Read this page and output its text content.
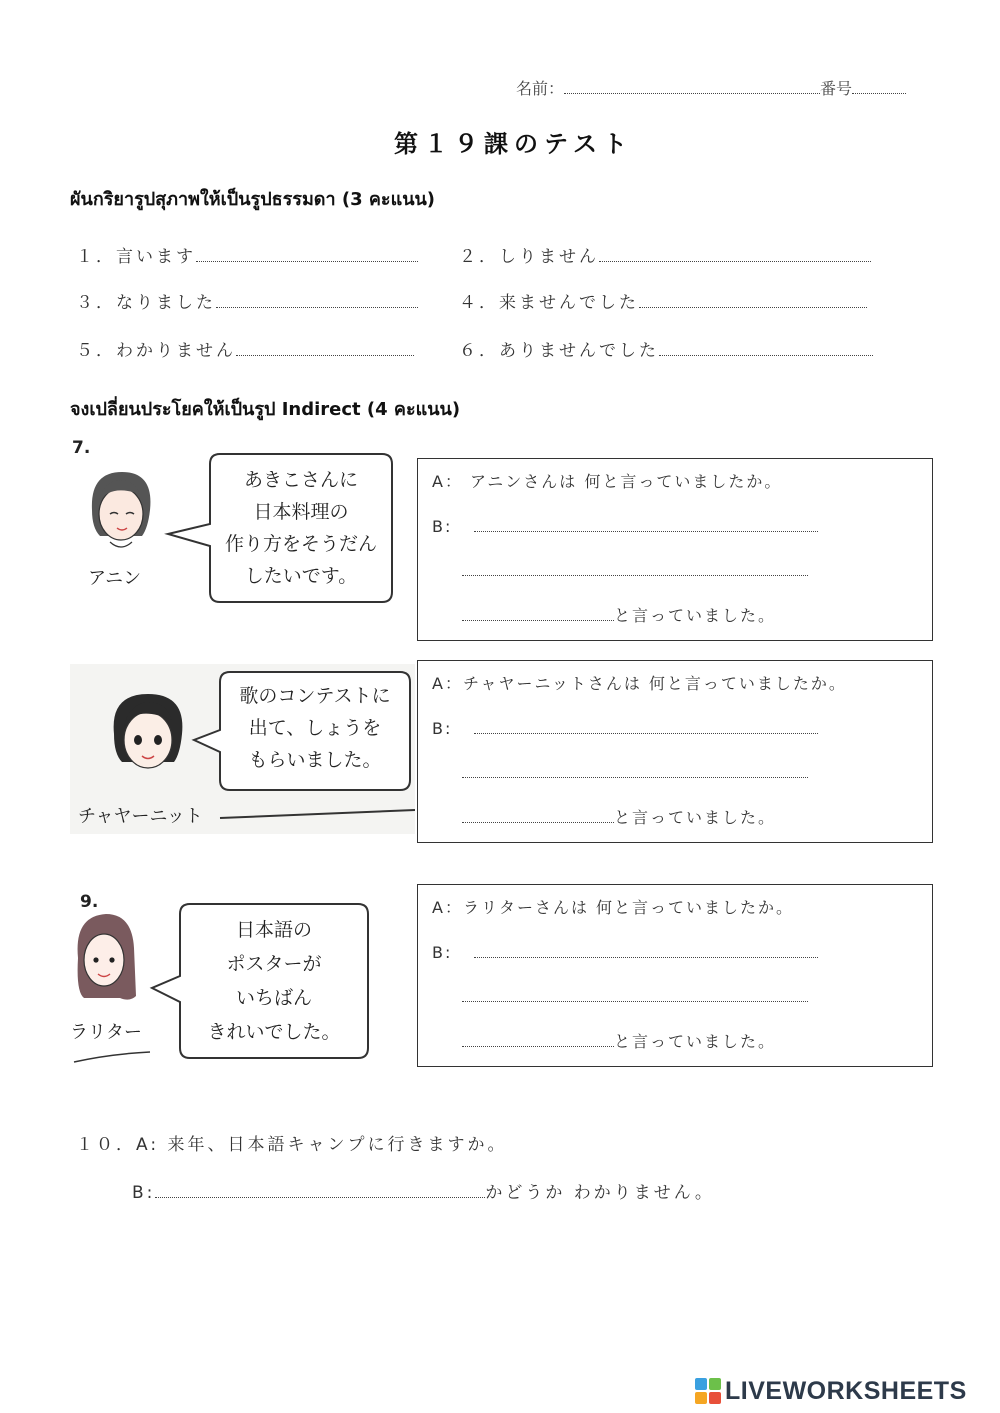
名前：	番号
第１９課のテスト
ผันกริยารูปสุภาพให้เป็นรูปธรรมดา (3 คะแนน)
１．言います	２．しりません
３．なりました	４．来ませんでした
５．わかりません	６．ありませんでした
จงเปลี่ยนประโยคให้เป็นรูป Indirect (4 คะแนน)
7.
アニン
あきこさんに
日本料理の
作り方をそうだん
したいです。
A： アニンさんは 何と言っていましたか。
B:
と言っていました。
チャヤーニット
歌のコンテストに
出て、しょうを
もらいました。
A：チャヤーニットさんは 何と言っていましたか。
B:
と言っていました。
9.
ラリター
日本語の
ポスターが
いちばん
きれいでした。
A：ラリターさんは 何と言っていましたか。
B:
と言っていました。
１０．A: 来年、日本語キャンプに行きますか。
B:	かどうか わかりません。
LIVEWORKSHEETS
